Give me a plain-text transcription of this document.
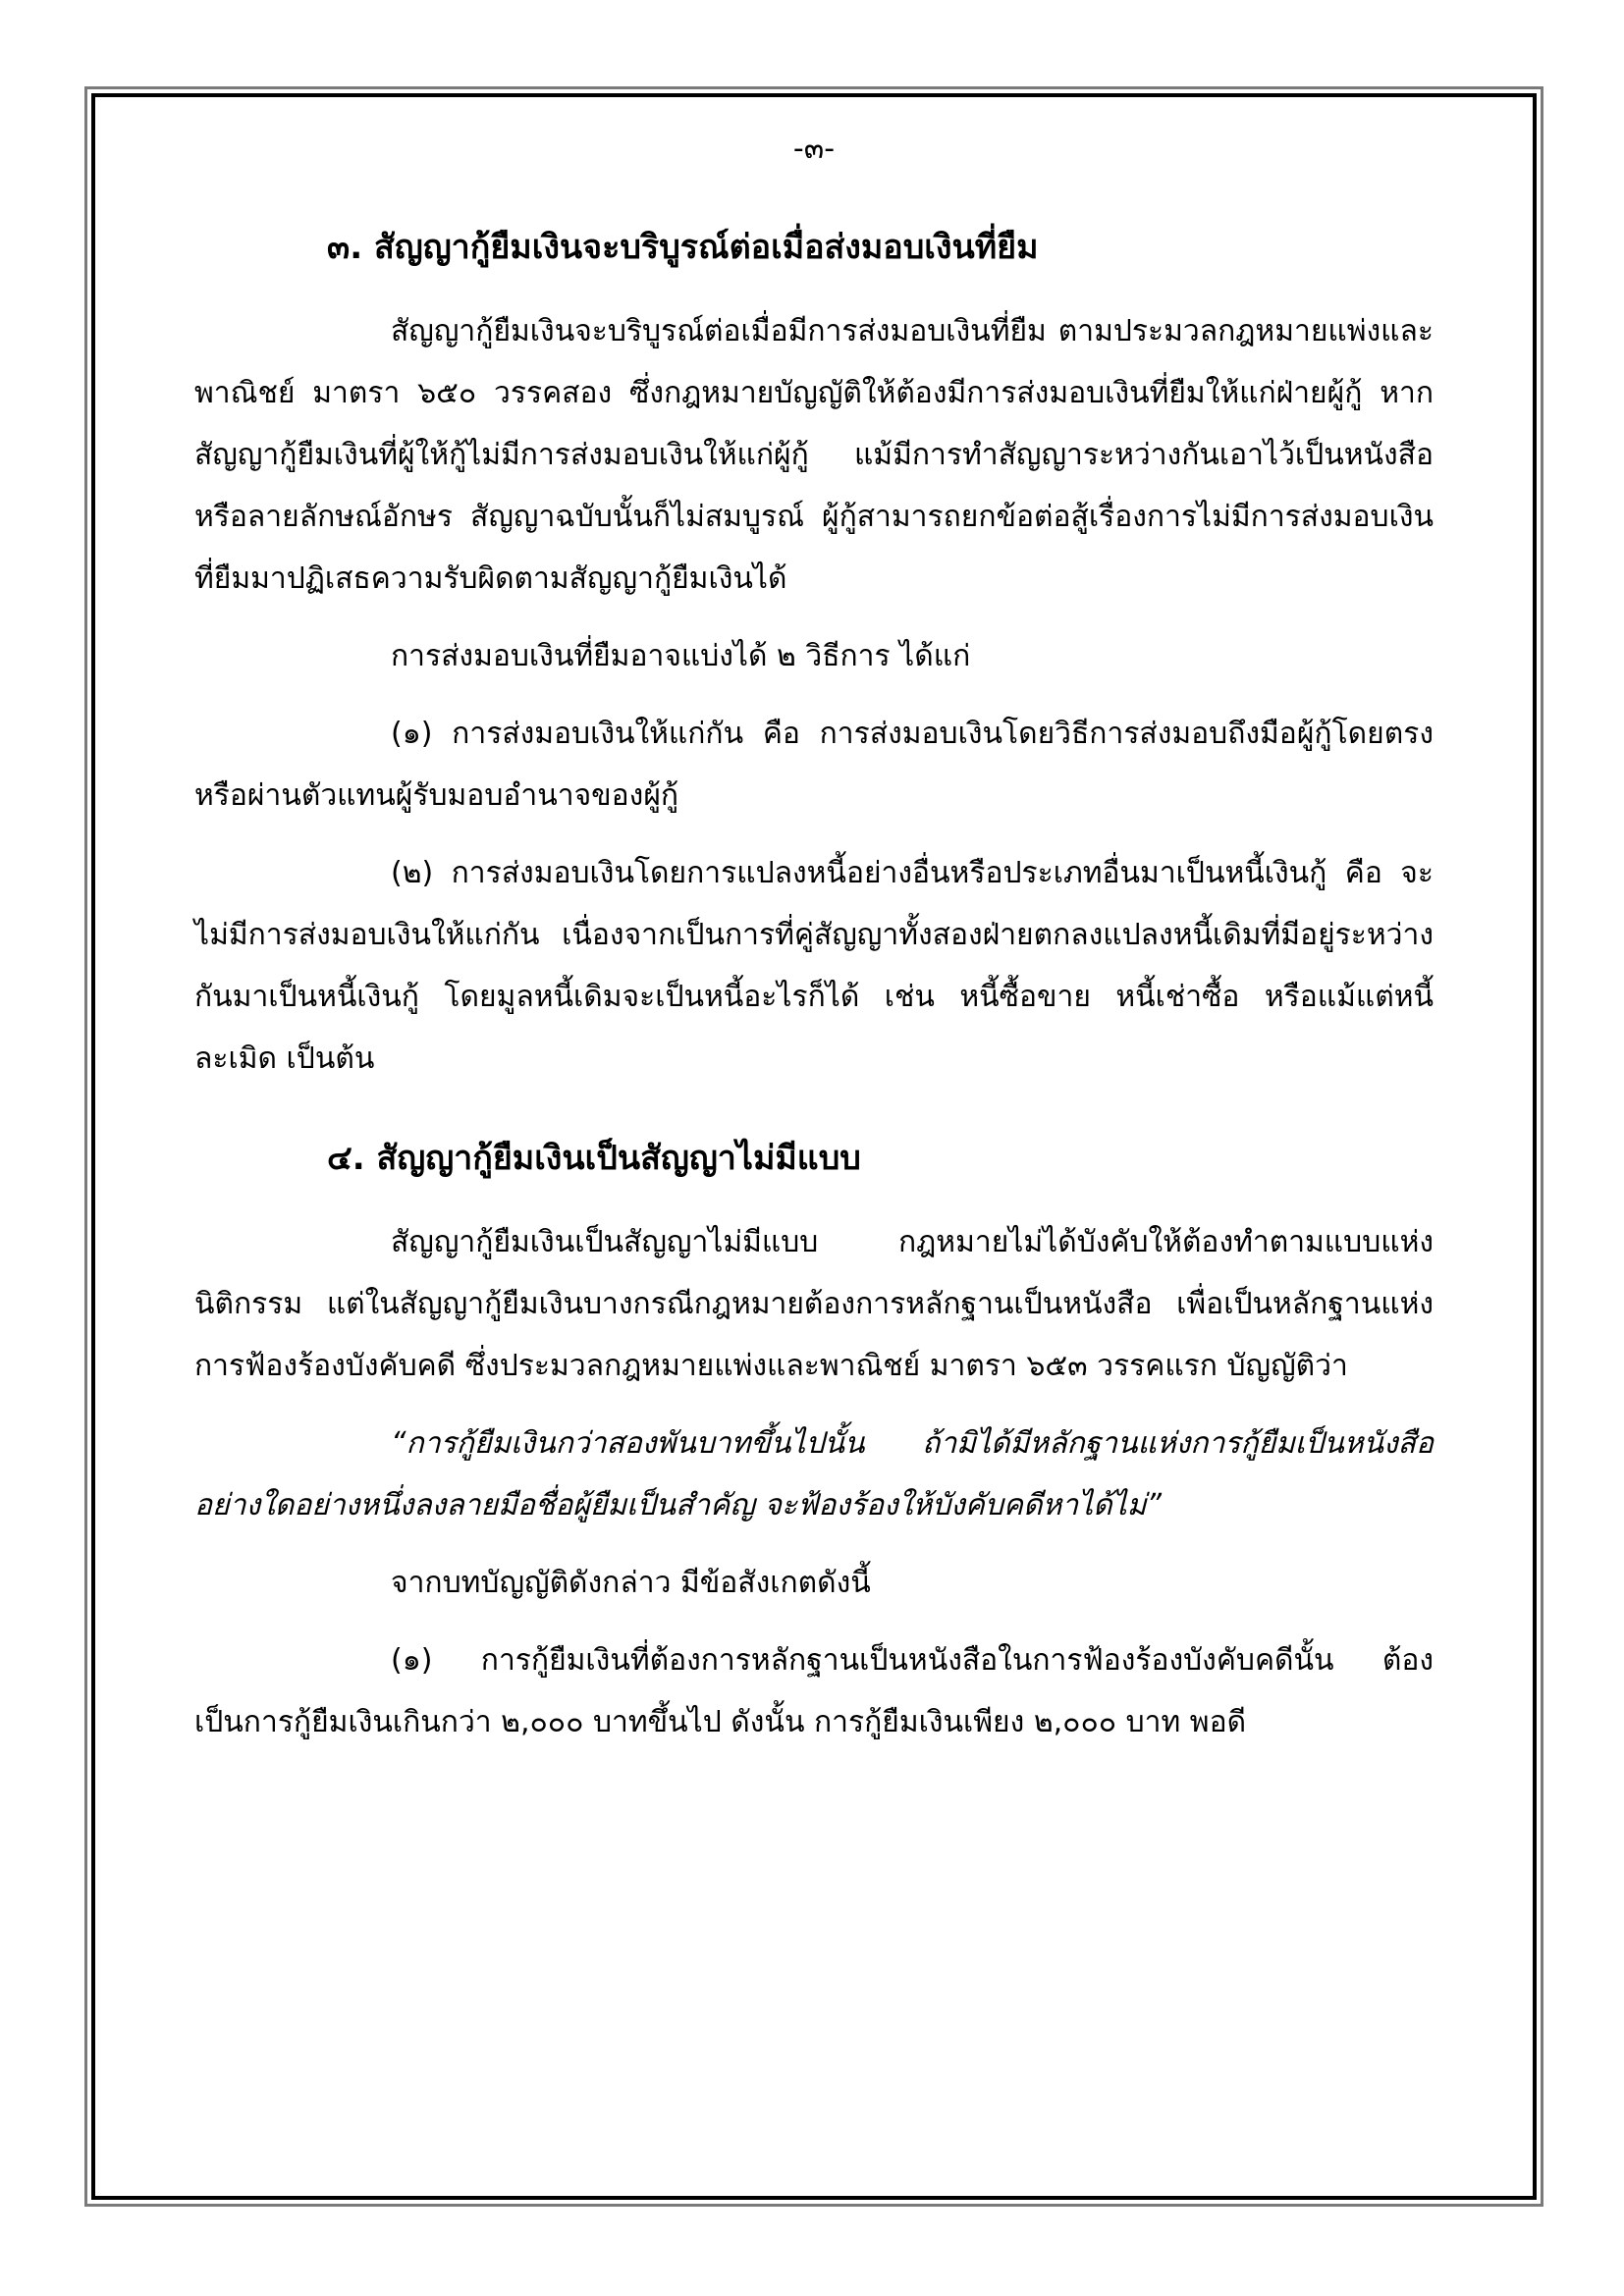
-๓-
๓. สัญญากู้ยืมเงินจะบริบูรณ์ต่อเมื่อส่งมอบเงินที่ยืม

สัญญากู้ยืมเงินจะบริบูรณ์ต่อเมื่อมีการส่งมอบเงินที่ยืม ตามประมวลกฎหมายแพ่งและพาณิชย์ มาตรา ๖๕๐ วรรคสอง ซึ่งกฎหมายบัญญัติให้ต้องมีการส่งมอบเงินที่ยืมให้แก่ฝ่ายผู้กู้ หากสัญญากู้ยืมเงินที่ผู้ให้กู้ไม่มีการส่งมอบเงินให้แก่ผู้กู้ แม้มีการทำสัญญาระหว่างกันเอาไว้เป็นหนังสือหรือลายลักษณ์อักษร สัญญาฉบับนั้นก็ไม่สมบูรณ์ ผู้กู้สามารถยกข้อต่อสู้เรื่องการไม่มีการส่งมอบเงินที่ยืมมาปฏิเสธความรับผิดตามสัญญากู้ยืมเงินได้

การส่งมอบเงินที่ยืมอาจแบ่งได้ ๒ วิธีการ ได้แก่

(๑) การส่งมอบเงินให้แก่กัน คือ การส่งมอบเงินโดยวิธีการส่งมอบถึงมือผู้กู้โดยตรงหรือผ่านตัวแทนผู้รับมอบอำนาจของผู้กู้

(๒) การส่งมอบเงินโดยการแปลงหนี้อย่างอื่นหรือประเภทอื่นมาเป็นหนี้เงินกู้ คือ จะไม่มีการส่งมอบเงินให้แก่กัน เนื่องจากเป็นการที่คู่สัญญาทั้งสองฝ่ายตกลงแปลงหนี้เดิมที่มีอยู่ระหว่างกันมาเป็นหนี้เงินกู้ โดยมูลหนี้เดิมจะเป็นหนี้อะไรก็ได้ เช่น หนี้ซื้อขาย หนี้เช่าซื้อ หรือแม้แต่หนี้ละเมิด เป็นต้น

๔. สัญญากู้ยืมเงินเป็นสัญญาไม่มีแบบ

สัญญากู้ยืมเงินเป็นสัญญาไม่มีแบบ กฎหมายไม่ได้บังคับให้ต้องทำตามแบบแห่งนิติกรรม แต่ในสัญญากู้ยืมเงินบางกรณีกฎหมายต้องการหลักฐานเป็นหนังสือ เพื่อเป็นหลักฐานแห่งการฟ้องร้องบังคับคดี ซึ่งประมวลกฎหมายแพ่งและพาณิชย์ มาตรา ๖๕๓ วรรคแรก บัญญัติว่า

“การกู้ยืมเงินกว่าสองพันบาทขึ้นไปนั้น ถ้ามิได้มีหลักฐานแห่งการกู้ยืมเป็นหนังสืออย่างใดอย่างหนึ่งลงลายมือชื่อผู้ยืมเป็นสำคัญ จะฟ้องร้องให้บังคับคดีหาได้ไม่”

จากบทบัญญัติดังกล่าว มีข้อสังเกตดังนี้

(๑) การกู้ยืมเงินที่ต้องการหลักฐานเป็นหนังสือในการฟ้องร้องบังคับคดีนั้น ต้องเป็นการกู้ยืมเงินเกินกว่า ๒,๐๐๐ บาทขึ้นไป ดังนั้น การกู้ยืมเงินเพียง ๒,๐๐๐ บาท พอดี
